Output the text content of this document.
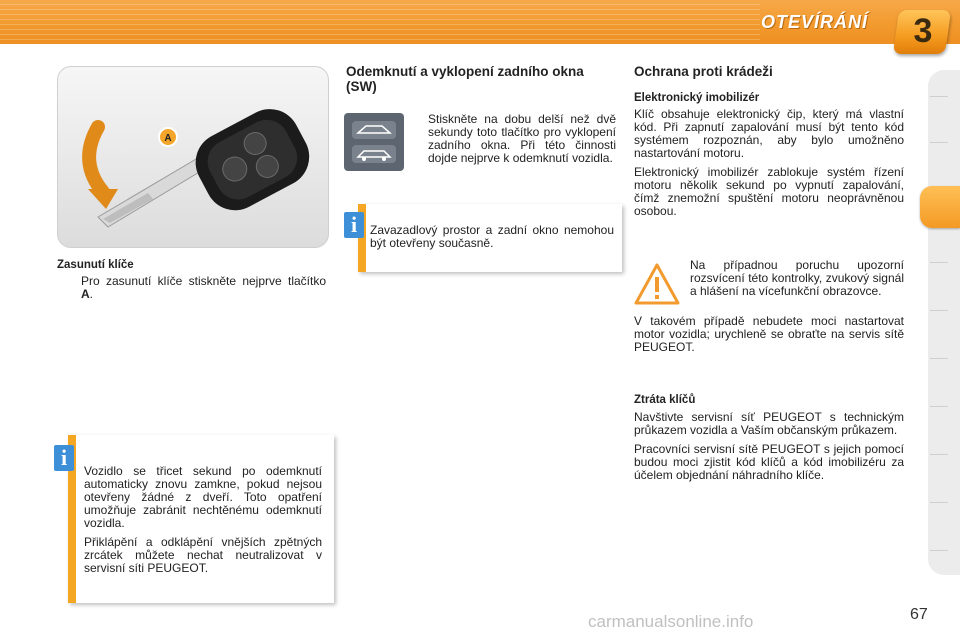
OTEVÍRÁNÍ	3
A
Zasunutí klíče
Pro zasunutí klíče stiskněte nejprve tlačítko A.

Vozidlo se třicet sekund po odemknutí automaticky znovu zamkne, pokud nejsou otevřeny žádné z dveří. Toto opatření umožňuje zabránit nechtěnému odemknutí vozidla.

Přiklápění a odklápění vnějších zpětných zrcátek můžete nechat neutralizovat v servisní síti PEUGEOT.

i
Odemknutí a vyklopení zadního okna (SW)
Stiskněte na dobu delší než dvě sekundy toto tlačítko pro vyklopení zadního okna. Při této činnosti dojde nejprve k odemknutí vozidla.
Zavazadlový prostor a zadní okno nemohou být otevřeny současně.
i
Ochrana proti krádeži
Elektronický imobilizér

Klíč obsahuje elektronický čip, který má vlastní kód. Při zapnutí zapalování musí být tento kód systémem rozpoznán, aby bylo umožněno nastartování motoru.

Elektronický imobilizér zablokuje systém řízení motoru několik sekund po vypnutí zapalování, čímž znemožní spuštění motoru neoprávněnou osobou.

Na případnou poruchu upozorní rozsvícení této kontrolky, zvukový signál a hlášení na vícefunkční obrazovce.
V takovém případě nebudete moci nastartovat motor vozidla; urychleně se obraťte na servis sítě PEUGEOT.
Ztráta klíčů

Navštivte servisní síť PEUGEOT s technickým průkazem vozidla a Vaším občanským průkazem.

Pracovníci servisní sítě PEUGEOT s jejich pomocí budou moci zjistit kód klíčů a kód imobilizéru za účelem objednání náhradního klíče.

carmanualsonline.info	67
